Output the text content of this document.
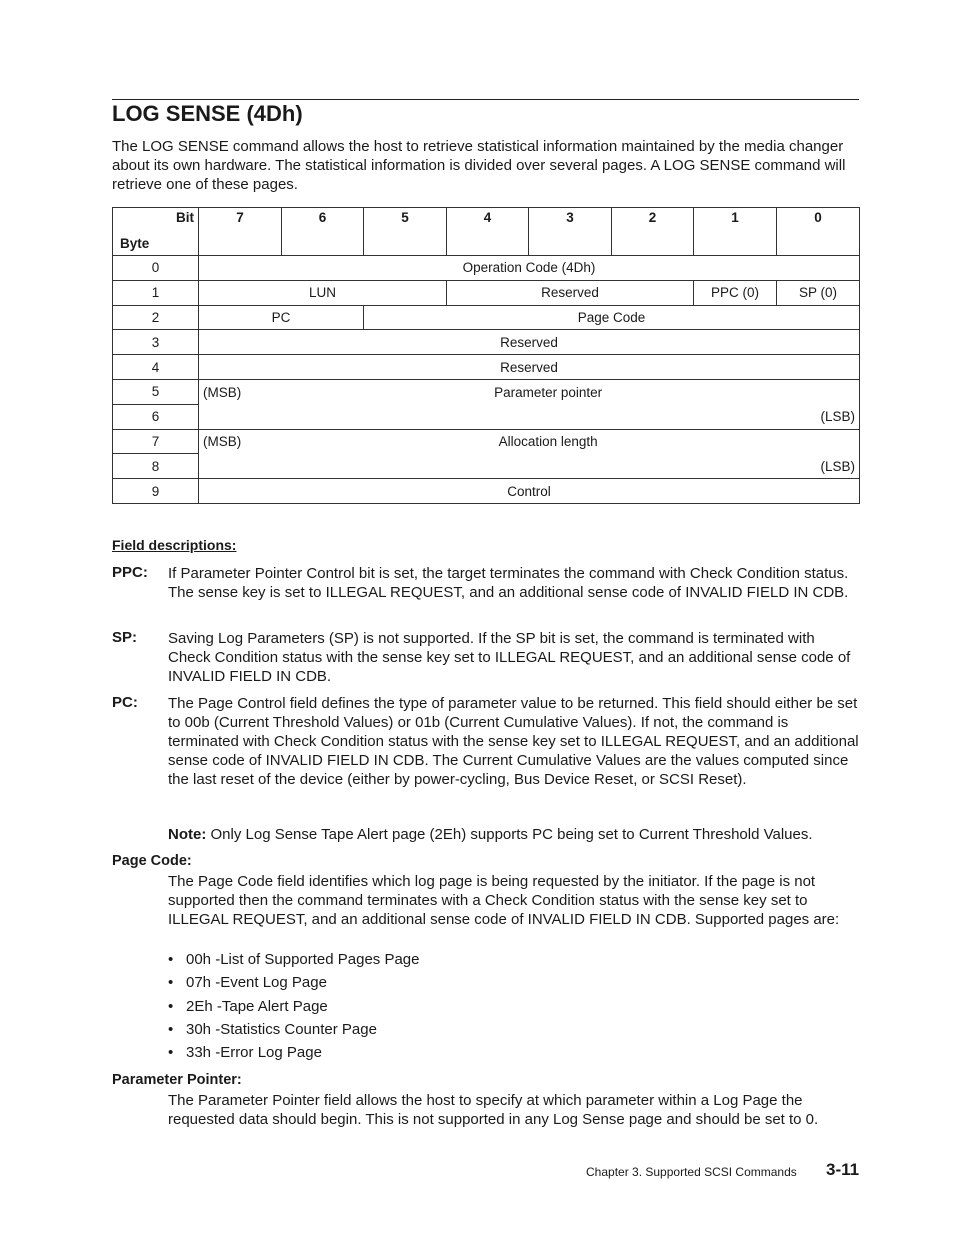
LOG SENSE (4Dh)

The LOG SENSE command allows the host to retrieve statistical information maintained by the media changer about its own hardware. The statistical information is divided over several pages. A LOG SENSE command will retrieve one of these pages.

Bit
Byte	7	6	5	4	3	2	1	0
0	Operation Code (4Dh)							
1	LUN			Reserved			PPC (0)	SP (0)
2	PC		Page Code					
3	Reserved							
4	Reserved							
5	(MSB) Parameter pointer							
6	(LSB)							

7	(MSB) Allocation length							
8	(LSB)							

9	Control							
Field descriptions:
PPC: If Parameter Pointer Control bit is set, the target terminates the command with Check Condition status. The sense key is set to ILLEGAL REQUEST, and an additional sense code of INVALID FIELD IN CDB.

SP: Saving Log Parameters (SP) is not supported. If the SP bit is set, the command is terminated with Check Condition status with the sense key set to ILLEGAL REQUEST, and an additional sense code of INVALID FIELD IN CDB.

PC: The Page Control field defines the type of parameter value to be returned. This field should either be set to 00b (Current Threshold Values) or 01b (Current Cumulative Values). If not, the command is terminated with Check Condition status with the sense key set to ILLEGAL REQUEST, and an additional sense code of INVALID FIELD IN CDB. The Current Cumulative Values are the values computed since the last reset of the device (either by power-cycling, Bus Device Reset, or SCSI Reset).

Note: Only Log Sense Tape Alert page (2Eh) supports PC being set to Current Threshold Values.

Page Code:

The Page Code field identifies which log page is being requested by the initiator. If the page is not supported then the command terminates with a Check Condition status with the sense key set to ILLEGAL REQUEST, and an additional sense code of INVALID FIELD IN CDB. Supported pages are:

• 00h -List of Supported Pages Page
• 07h -Event Log Page
• 2Eh -Tape Alert Page
• 30h -Statistics Counter Page
• 33h -Error Log Page
Parameter Pointer:

The Parameter Pointer field allows the host to specify at which parameter within a Log Page the requested data should begin. This is not supported in any Log Sense page and should be set to 0.

Chapter 3. Supported SCSI Commands 3-11
